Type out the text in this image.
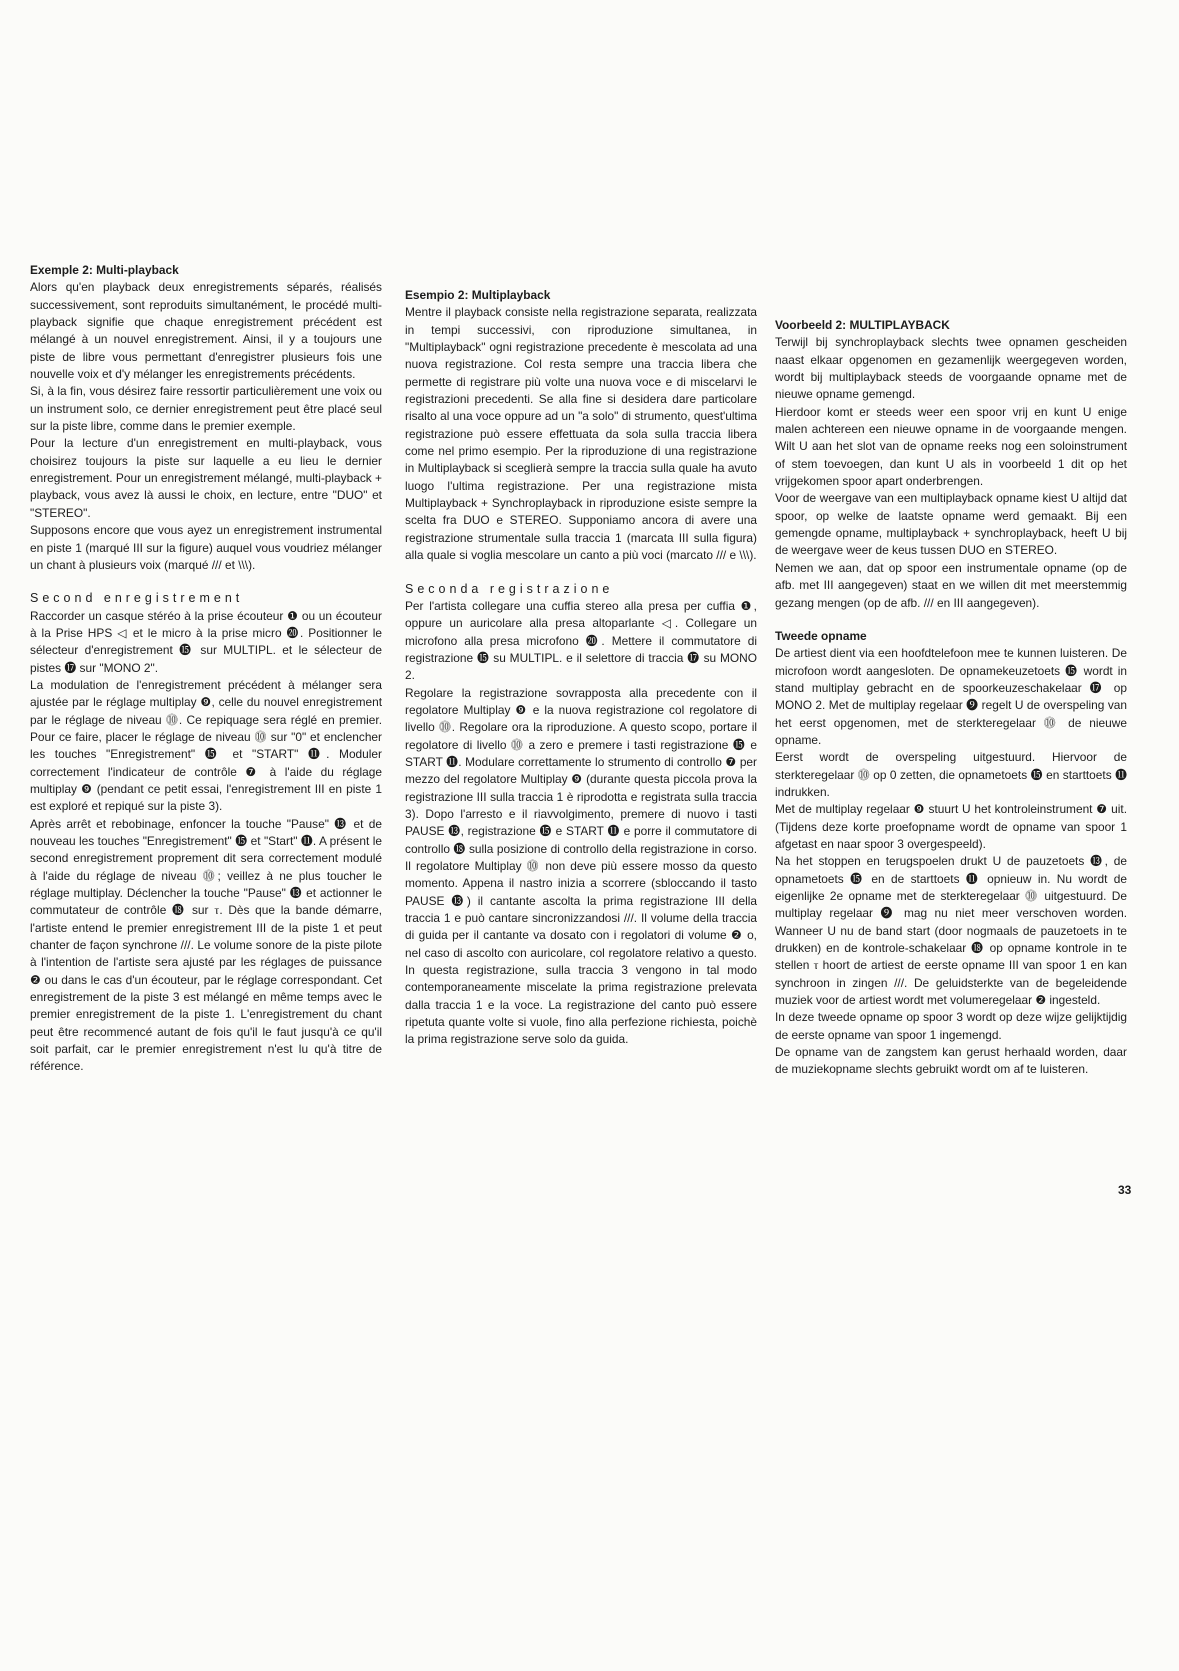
Exemple 2: Multi-playback

Alors qu'en playback deux enregistrements séparés, réalisés successivement, sont reproduits simultanément, le procédé multi-playback signifie que chaque enregistrement précédent est mélangé à un nouvel enregistrement. Ainsi, il y a toujours une piste de libre vous permettant d'enregistrer plusieurs fois une nouvelle voix et d'y mélanger les enregistrements précédents.

Si, à la fin, vous désirez faire ressortir particulièrement une voix ou un instrument solo, ce dernier enregistrement peut être placé seul sur la piste libre, comme dans le premier exemple.

Pour la lecture d'un enregistrement en multi-playback, vous choisirez toujours la piste sur laquelle a eu lieu le dernier enregistrement. Pour un enregistrement mélangé, multi-playback + playback, vous avez là aussi le choix, en lecture, entre "DUO" et "STEREO".

Supposons encore que vous ayez un enregistrement instrumental en piste 1 (marqué III sur la figure) auquel vous voudriez mélanger un chant à plusieurs voix (marqué /// et \\\).

Second enregistrement

Raccorder un casque stéréo à la prise écouteur ❶ ou un écouteur à la Prise HPS ◁ et le micro à la prise micro ⓴. Positionner le sélecteur d'enregistrement ⓯ sur MULTIPL. et le sélecteur de pistes ⓱ sur "MONO 2".

La modulation de l'enregistrement précédent à mélanger sera ajustée par le réglage multiplay ❾, celle du nouvel enregistrement par le réglage de niveau ⓾. Ce repiquage sera réglé en premier. Pour ce faire, placer le réglage de niveau ⓾ sur "0" et enclencher les touches "Enregistrement" ⓯ et "START" ⓫. Moduler correctement l'indicateur de contrôle ❼ à l'aide du réglage multiplay ❾ (pendant ce petit essai, l'enregistrement III en piste 1 est exploré et repiqué sur la piste 3).

Après arrêt et rebobinage, enfoncer la touche "Pause" ⓭ et de nouveau les touches "Enregistrement" ⓯ et "Start" ⓫. A présent le second enregistrement proprement dit sera correctement modulé à l'aide du réglage de niveau ⓾; veillez à ne plus toucher le réglage multiplay. Déclencher la touche "Pause" ⓭ et actionner le commutateur de contrôle ⓲ sur ⲧ. Dès que la bande démarre, l'artiste entend le premier enregistrement III de la piste 1 et peut chanter de façon synchrone ///. Le volume sonore de la piste pilote à l'intention de l'artiste sera ajusté par les réglages de puissance ❷ ou dans le cas d'un écouteur, par le réglage correspondant. Cet enregistrement de la piste 3 est mélangé en même temps avec le premier enregistrement de la piste 1. L'enregistrement du chant peut être recommencé autant de fois qu'il le faut jusqu'à ce qu'il soit parfait, car le premier enregistrement n'est lu qu'à titre de référence.

Esempio 2: Multiplayback

Mentre il playback consiste nella registrazione separata, realizzata in tempi successivi, con riproduzione simultanea, in "Multiplayback" ogni registrazione precedente è mescolata ad una nuova registrazione. Col resta sempre una traccia libera che permette di registrare più volte una nuova voce e di miscelarvi le registrazioni precedenti. Se alla fine si desidera dare particolare risalto al una voce oppure ad un "a solo" di strumento, quest'ultima registrazione può essere effettuata da sola sulla traccia libera come nel primo esempio. Per la riproduzione di una registrazione in Multiplayback si sceglierà sempre la traccia sulla quale ha avuto luogo l'ultima registrazione. Per una registrazione mista Multiplayback + Synchroplayback in riproduzione esiste sempre la scelta fra DUO e STEREO. Supponiamo ancora di avere una registrazione strumentale sulla traccia 1 (marcata III sulla figura) alla quale si voglia mescolare un canto a più voci (marcato /// e \\\).

Seconda registrazione

Per l'artista collegare una cuffia stereo alla presa per cuffia ❶, oppure un auricolare alla presa altoparlante ◁. Collegare un microfono alla presa microfono ⓴. Mettere il commutatore di registrazione ⓯ su MULTIPL. e il selettore di traccia ⓱ su MONO 2.

Regolare la registrazione sovrapposta alla precedente con il regolatore Multiplay ❾ e la nuova registrazione col regolatore di livello ⓾. Regolare ora la riproduzione. A questo scopo, portare il regolatore di livello ⓾ a zero e premere i tasti registrazione ⓯ e START ⓫. Modulare correttamente lo strumento di controllo ❼ per mezzo del regolatore Multiplay ❾ (durante questa piccola prova la registrazione III sulla traccia 1 è riprodotta e registrata sulla traccia 3). Dopo l'arresto e il riavvolgimento, premere di nuovo i tasti PAUSE ⓭, registrazione ⓯ e START ⓫ e porre il commutatore di controllo ⓲ sulla posizione di controllo della registrazione in corso. Il regolatore Multiplay ⓾ non deve più essere mosso da questo momento. Appena il nastro inizia a scorrere (sbloccando il tasto PAUSE ⓭) il cantante ascolta la prima registrazione III della traccia 1 e può cantare sincronizzandosi ///. Il volume della traccia di guida per il cantante va dosato con i regolatori di volume ❷ o, nel caso di ascolto con auricolare, col regolatore relativo a questo. In questa registrazione, sulla traccia 3 vengono in tal modo contemporaneamente miscelate la prima registrazione prelevata dalla traccia 1 e la voce. La registrazione del canto può essere ripetuta quante volte si vuole, fino alla perfezione richiesta, poichè la prima registrazione serve solo da guida.

Voorbeeld 2: MULTIPLAYBACK

Terwijl bij synchroplayback slechts twee opnamen gescheiden naast elkaar opgenomen en gezamenlijk weergegeven worden, wordt bij multiplayback steeds de voorgaande opname met de nieuwe opname gemengd.

Hierdoor komt er steeds weer een spoor vrij en kunt U enige malen achtereen een nieuwe opname in de voorgaande mengen. Wilt U aan het slot van de opname reeks nog een soloinstrument of stem toevoegen, dan kunt U als in voorbeeld 1 dit op het vrijgekomen spoor apart onderbrengen.

Voor de weergave van een multiplayback opname kiest U altijd dat spoor, op welke de laatste opname werd gemaakt. Bij een gemengde opname, multiplayback + synchroplayback, heeft U bij de weergave weer de keus tussen DUO en STEREO.

Nemen we aan, dat op spoor een instrumentale opname (op de afb. met III aangegeven) staat en we willen dit met meerstemmig gezang mengen (op de afb. /// en III aangegeven).

Tweede opname

De artiest dient via een hoofdtelefoon mee te kunnen luisteren. De microfoon wordt aangesloten. De opnamekeuzetoets ⓯ wordt in stand multiplay gebracht en de spoorkeuzeschakelaar ⓱ op MONO 2. Met de multiplay regelaar ❾ regelt U de overspeling van het eerst opgenomen, met de sterkteregelaar ⓾ de nieuwe opname.

Eerst wordt de overspeling uitgestuurd. Hiervoor de sterkteregelaar ⓾ op 0 zetten, die opnametoets ⓯ en starttoets ⓫ indrukken.

Met de multiplay regelaar ❾ stuurt U het kontroleinstrument ❼ uit. (Tijdens deze korte proefopname wordt de opname van spoor 1 afgetast en naar spoor 3 overgespeeld).

Na het stoppen en terugspoelen drukt U de pauzetoets ⓭, de opnametoets ⓯ en de starttoets ⓫ opnieuw in. Nu wordt de eigenlijke 2e opname met de sterkteregelaar ⓾ uitgestuurd. De multiplay regelaar ❾ mag nu niet meer verschoven worden. Wanneer U nu de band start (door nogmaals de pauzetoets in te drukken) en de kontrole-schakelaar ⓲ op opname kontrole in te stellen ⲧ hoort de artiest de eerste opname III van spoor 1 en kan synchroon in zingen ///. De geluidsterkte van de begeleidende muziek voor de artiest wordt met volumeregelaar ❷ ingesteld.

In deze tweede opname op spoor 3 wordt op deze wijze gelijktijdig de eerste opname van spoor 1 ingemengd.

De opname van de zangstem kan gerust herhaald worden, daar de muziekopname slechts gebruikt wordt om af te luisteren.

33
